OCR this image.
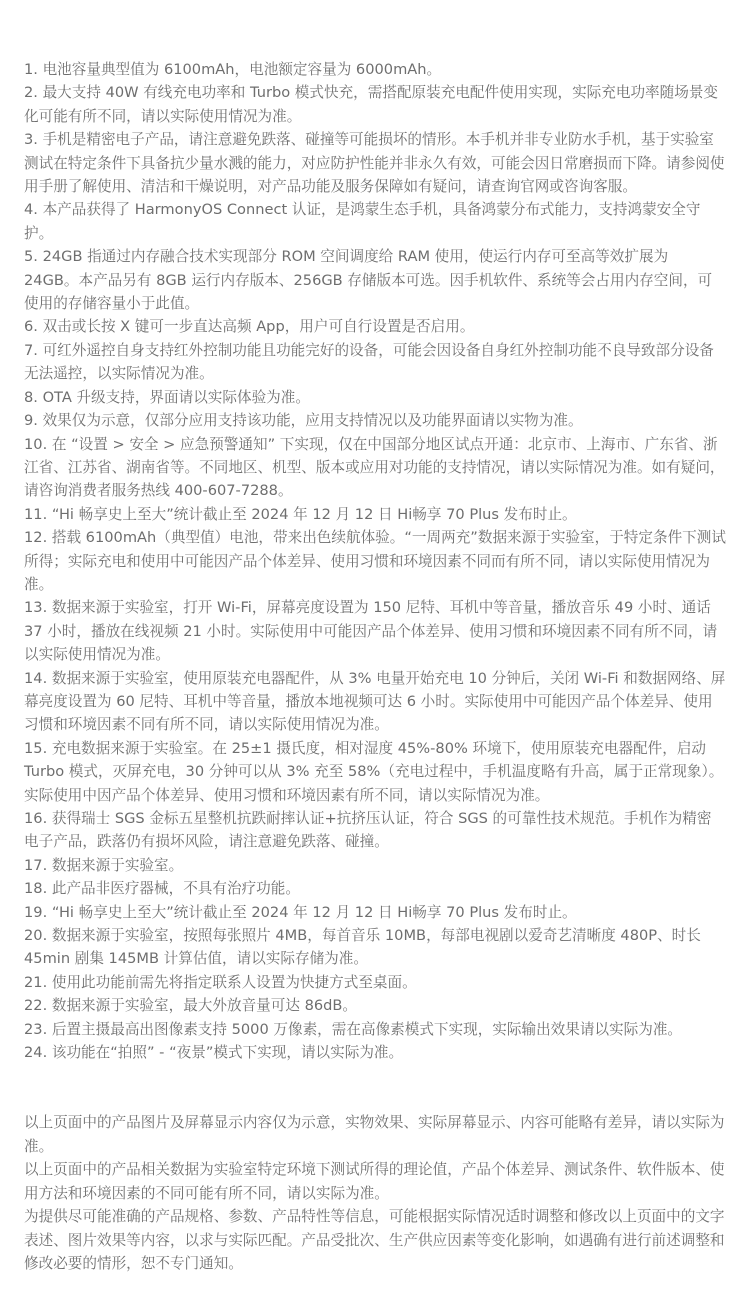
1. 电池容量典型值为 6100mAh，电池额定容量为 6000mAh。
2. 最大支持 40W 有线充电功率和 Turbo 模式快充，需搭配原装充电配件使用实现，实际充电功率随场景变化可能有所不同，请以实际使用情况为准。
3. 手机是精密电子产品，请注意避免跌落、碰撞等可能损坏的情形。本手机并非专业防水手机，基于实验室测试在特定条件下具备抗少量水溅的能力，对应防护性能并非永久有效，可能会因日常磨损而下降。请参阅使用手册了解使用、清洁和干燥说明，对产品功能及服务保障如有疑问，请查询官网或咨询客服。
4. 本产品获得了 HarmonyOS Connect 认证，是鸿蒙生态手机，具备鸿蒙分布式能力，支持鸿蒙安全守护。
5. 24GB 指通过内存融合技术实现部分 ROM 空间调度给 RAM 使用，使运行内存可至高等效扩展为 24GB。本产品另有 8GB 运行内存版本、256GB 存储版本可选。因手机软件、系统等会占用内存空间，可使用的存储容量小于此值。
6. 双击或长按 X 键可一步直达高频 App，用户可自行设置是否启用。
7. 可红外遥控自身支持红外控制功能且功能完好的设备，可能会因设备自身红外控制功能不良导致部分设备无法遥控，以实际情况为准。
8. OTA 升级支持，界面请以实际体验为准。
9. 效果仅为示意，仅部分应用支持该功能，应用支持情况以及功能界面请以实物为准。
10. 在 “设置 > 安全 > 应急预警通知” 下实现，仅在中国部分地区试点开通：北京市、上海市、广东省、浙江省、江苏省、湖南省等。不同地区、机型、版本或应用对功能的支持情况，请以实际情况为准。如有疑问，请咨询消费者服务热线 400-607-7288。
11. “Hi 畅享史上至大”统计截止至 2024 年 12 月 12 日 Hi畅享 70 Plus 发布时止。
12. 搭载 6100mAh（典型值）电池，带来出色续航体验。“一周两充”数据来源于实验室，于特定条件下测试所得；实际充电和使用中可能因产品个体差异、使用习惯和环境因素不同而有所不同，请以实际使用情况为准。
13. 数据来源于实验室，打开 Wi-Fi，屏幕亮度设置为 150 尼特、耳机中等音量，播放音乐 49 小时、通话 37 小时，播放在线视频 21 小时。实际使用中可能因产品个体差异、使用习惯和环境因素不同有所不同，请以实际使用情况为准。
14. 数据来源于实验室，使用原装充电器配件，从 3% 电量开始充电 10 分钟后，关闭 Wi-Fi 和数据网络、屏幕亮度设置为 60 尼特、耳机中等音量，播放本地视频可达 6 小时。实际使用中可能因产品个体差异、使用习惯和环境因素不同有所不同，请以实际使用情况为准。
15. 充电数据来源于实验室。在 25±1 摄氏度，相对湿度 45%-80% 环境下，使用原装充电器配件，启动 Turbo 模式，灭屏充电，30 分钟可以从 3% 充至 58%（充电过程中，手机温度略有升高，属于正常现象）。实际使用中因产品个体差异、使用习惯和环境因素有所不同，请以实际情况为准。
16. 获得瑞士 SGS 金标五星整机抗跌耐摔认证+抗挤压认证，符合 SGS 的可靠性技术规范。手机作为精密电子产品，跌落仍有损坏风险，请注意避免跌落、碰撞。
17. 数据来源于实验室。
18. 此产品非医疗器械，不具有治疗功能。
19. “Hi 畅享史上至大”统计截止至 2024 年 12 月 12 日 Hi畅享 70 Plus 发布时止。
20. 数据来源于实验室，按照每张照片 4MB，每首音乐 10MB，每部电视剧以爱奇艺清晰度 480P、时长 45min 剧集 145MB 计算估值，请以实际存储为准。
21. 使用此功能前需先将指定联系人设置为快捷方式至桌面。
22. 数据来源于实验室，最大外放音量可达 86dB。
23. 后置主摄最高出图像素支持 5000 万像素，需在高像素模式下实现，实际输出效果请以实际为准。
24. 该功能在“拍照” - “夜景”模式下实现，请以实际为准。

以上页面中的产品图片及屏幕显示内容仅为示意，实物效果、实际屏幕显示、内容可能略有差异，请以实际为准。

以上页面中的产品相关数据为实验室特定环境下测试所得的理论值，产品个体差异、测试条件、软件版本、使用方法和环境因素的不同可能有所不同，请以实际为准。

为提供尽可能准确的产品规格、参数、产品特性等信息，可能根据实际情况适时调整和修改以上页面中的文字表述、图片效果等内容，以求与实际匹配。产品受批次、生产供应因素等变化影响，如遇确有进行前述调整和修改必要的情形，恕不专门通知。
